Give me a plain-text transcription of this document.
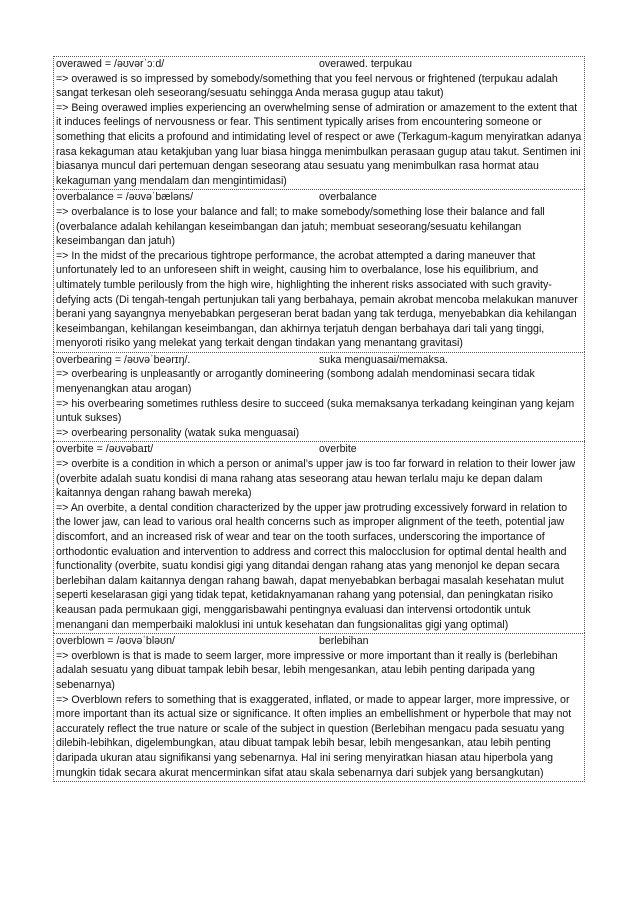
overawed = /əʊvərˈɔːd/	overawed. terpukau

=> overawed is so impressed by somebody/something that you feel nervous or frightened (terpukau adalah sangat terkesan oleh seseorang/sesuatu sehingga Anda merasa gugup atau takut)

=> Being overawed implies experiencing an overwhelming sense of admiration or amazement to the extent that it induces feelings of nervousness or fear. This sentiment typically arises from encountering someone or something that elicits a profound and intimidating level of respect or awe (Terkagum-kagum menyiratkan adanya rasa kekaguman atau ketakjuban yang luar biasa hingga menimbulkan perasaan gugup atau takut. Sentimen ini biasanya muncul dari pertemuan dengan seseorang atau sesuatu yang menimbulkan rasa hormat atau kekaguman yang mendalam dan mengintimidasi)

overbalance = /əʊvəˈbæləns/	overbalance

=> overbalance is to lose your balance and fall; to make somebody/something lose their balance and fall (overbalance adalah kehilangan keseimbangan dan jatuh; membuat seseorang/sesuatu kehilangan keseimbangan dan jatuh)

=> In the midst of the precarious tightrope performance, the acrobat attempted a daring maneuver that unfortunately led to an unforeseen shift in weight, causing him to overbalance, lose his equilibrium, and ultimately tumble perilously from the high wire, highlighting the inherent risks associated with such gravity-defying acts (Di tengah-tengah pertunjukan tali yang berbahaya, pemain akrobat mencoba melakukan manuver berani yang sayangnya menyebabkan pergeseran berat badan yang tak terduga, menyebabkan dia kehilangan keseimbangan, kehilangan keseimbangan, dan akhirnya terjatuh dengan berbahaya dari tali yang tinggi, menyoroti risiko yang melekat yang terkait dengan tindakan yang menantang gravitasi)

overbearing = /əʊvəˈbeərɪŋ/.	suka menguasai/memaksa.

=> overbearing is unpleasantly or arrogantly domineering (sombong adalah mendominasi secara tidak menyenangkan atau arogan)

=> his overbearing sometimes ruthless desire to succeed (suka memaksanya terkadang keinginan yang kejam untuk sukses)

=> overbearing personality (watak suka menguasai)

overbite = /əʊvəbaɪt/	overbite

=> overbite is a condition in which a person or animal’s upper jaw is too far forward in relation to their lower jaw (overbite adalah suatu kondisi di mana rahang atas seseorang atau hewan terlalu maju ke depan dalam kaitannya dengan rahang bawah mereka)

=> An overbite, a dental condition characterized by the upper jaw protruding excessively forward in relation to the lower jaw, can lead to various oral health concerns such as improper alignment of the teeth, potential jaw discomfort, and an increased risk of wear and tear on the tooth surfaces, underscoring the importance of orthodontic evaluation and intervention to address and correct this malocclusion for optimal dental health and functionality (overbite, suatu kondisi gigi yang ditandai dengan rahang atas yang menonjol ke depan secara berlebihan dalam kaitannya dengan rahang bawah, dapat menyebabkan berbagai masalah kesehatan mulut seperti keselarasan gigi yang tidak tepat, ketidaknyamanan rahang yang potensial, dan peningkatan risiko keausan pada permukaan gigi, menggarisbawahi pentingnya evaluasi dan intervensi ortodontik untuk menangani dan memperbaiki maloklusi ini untuk kesehatan dan fungsionalitas gigi yang optimal)

overblown = /əʊvəˈbləʊn/	berlebihan

=> overblown is that is made to seem larger, more impressive or more important than it really is (berlebihan adalah sesuatu yang dibuat tampak lebih besar, lebih mengesankan, atau lebih penting daripada yang sebenarnya)

=> Overblown refers to something that is exaggerated, inflated, or made to appear larger, more impressive, or more important than its actual size or significance. It often implies an embellishment or hyperbole that may not accurately reflect the true nature or scale of the subject in question (Berlebihan mengacu pada sesuatu yang dilebih-lebihkan, digelembungkan, atau dibuat tampak lebih besar, lebih mengesankan, atau lebih penting daripada ukuran atau signifikansi yang sebenarnya. Hal ini sering menyiratkan hiasan atau hiperbola yang mungkin tidak secara akurat mencerminkan sifat atau skala sebenarnya dari subjek yang bersangkutan)
